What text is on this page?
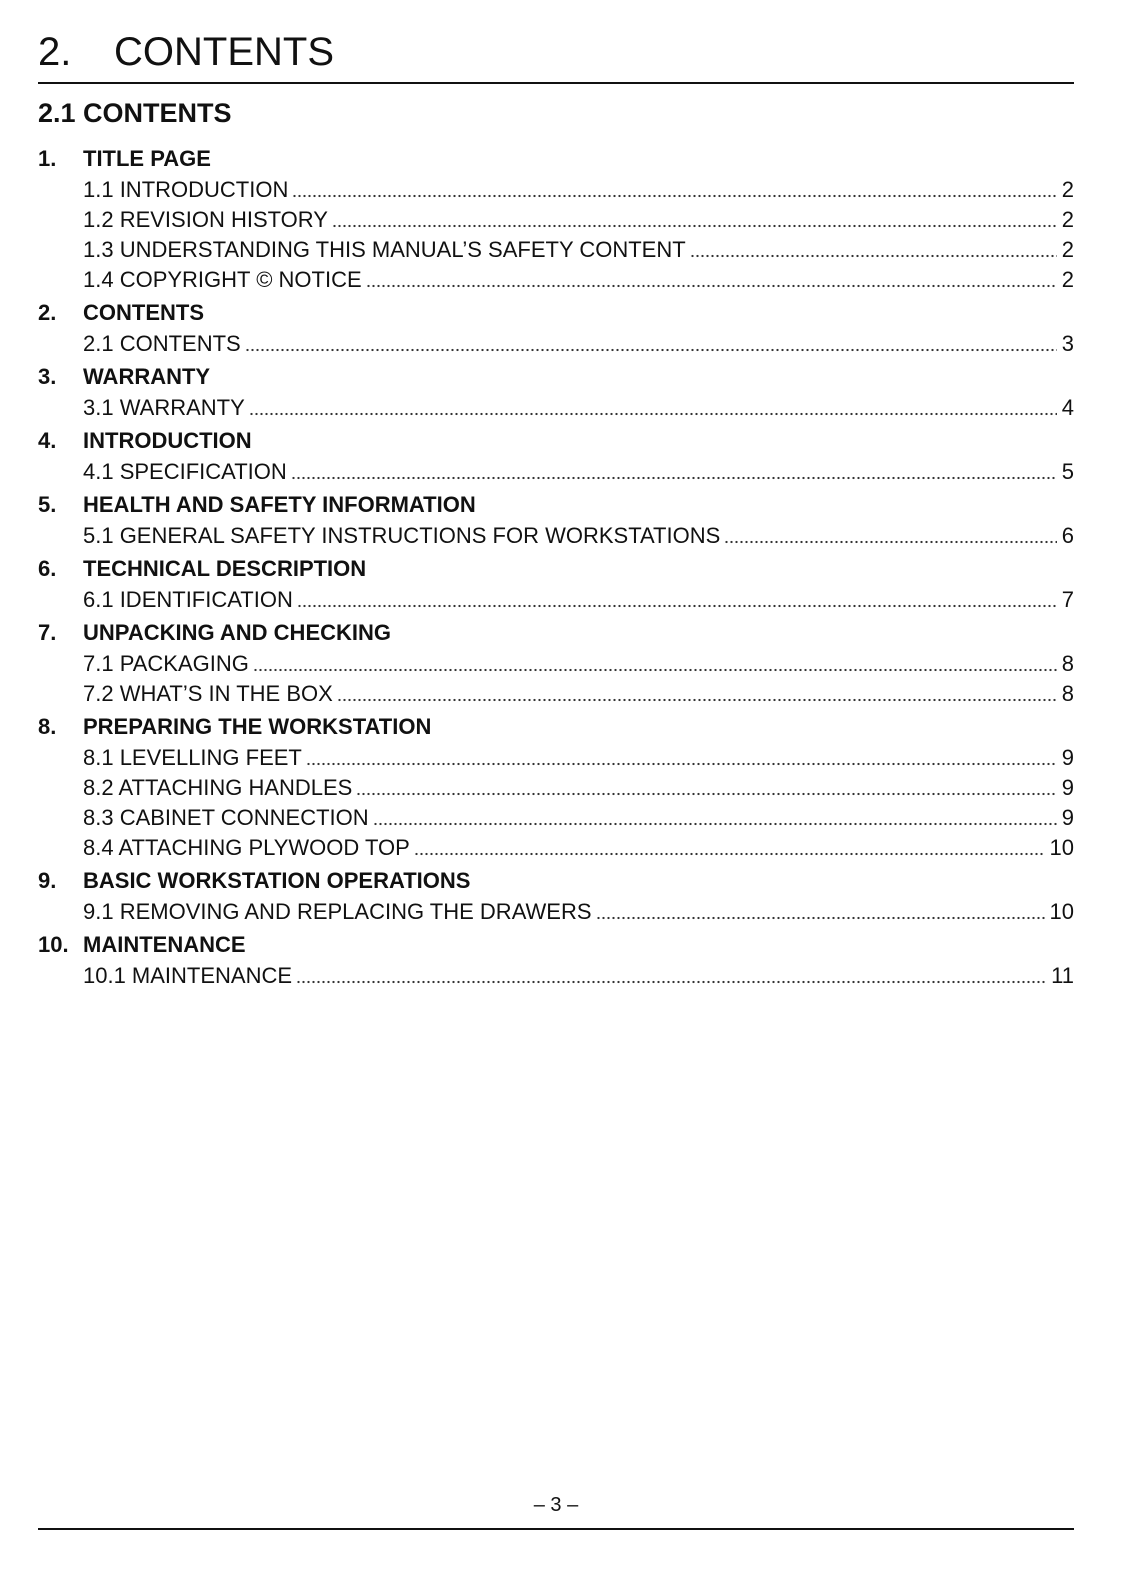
2. CONTENTS
2.1 CONTENTS
1. TITLE PAGE
1.1 INTRODUCTION	2
1.2 REVISION HISTORY	2
1.3 UNDERSTANDING THIS MANUAL’S SAFETY CONTENT	2
1.4 COPYRIGHT © NOTICE	2
2. CONTENTS
2.1 CONTENTS	3
3. WARRANTY
3.1 WARRANTY	4
4. INTRODUCTION
4.1 SPECIFICATION	5
5. HEALTH AND SAFETY INFORMATION
5.1 GENERAL SAFETY INSTRUCTIONS FOR WORKSTATIONS	6
6. TECHNICAL DESCRIPTION
6.1 IDENTIFICATION	7
7. UNPACKING AND CHECKING
7.1 PACKAGING	8
7.2 WHAT’S IN THE BOX	8
8. PREPARING THE WORKSTATION
8.1 LEVELLING FEET	9
8.2 ATTACHING HANDLES	9
8.3 CABINET CONNECTION	9
8.4 ATTACHING PLYWOOD TOP	10
9. BASIC WORKSTATION OPERATIONS
9.1 REMOVING AND REPLACING THE DRAWERS	10
10. MAINTENANCE
10.1 MAINTENANCE	11
– 3 –
